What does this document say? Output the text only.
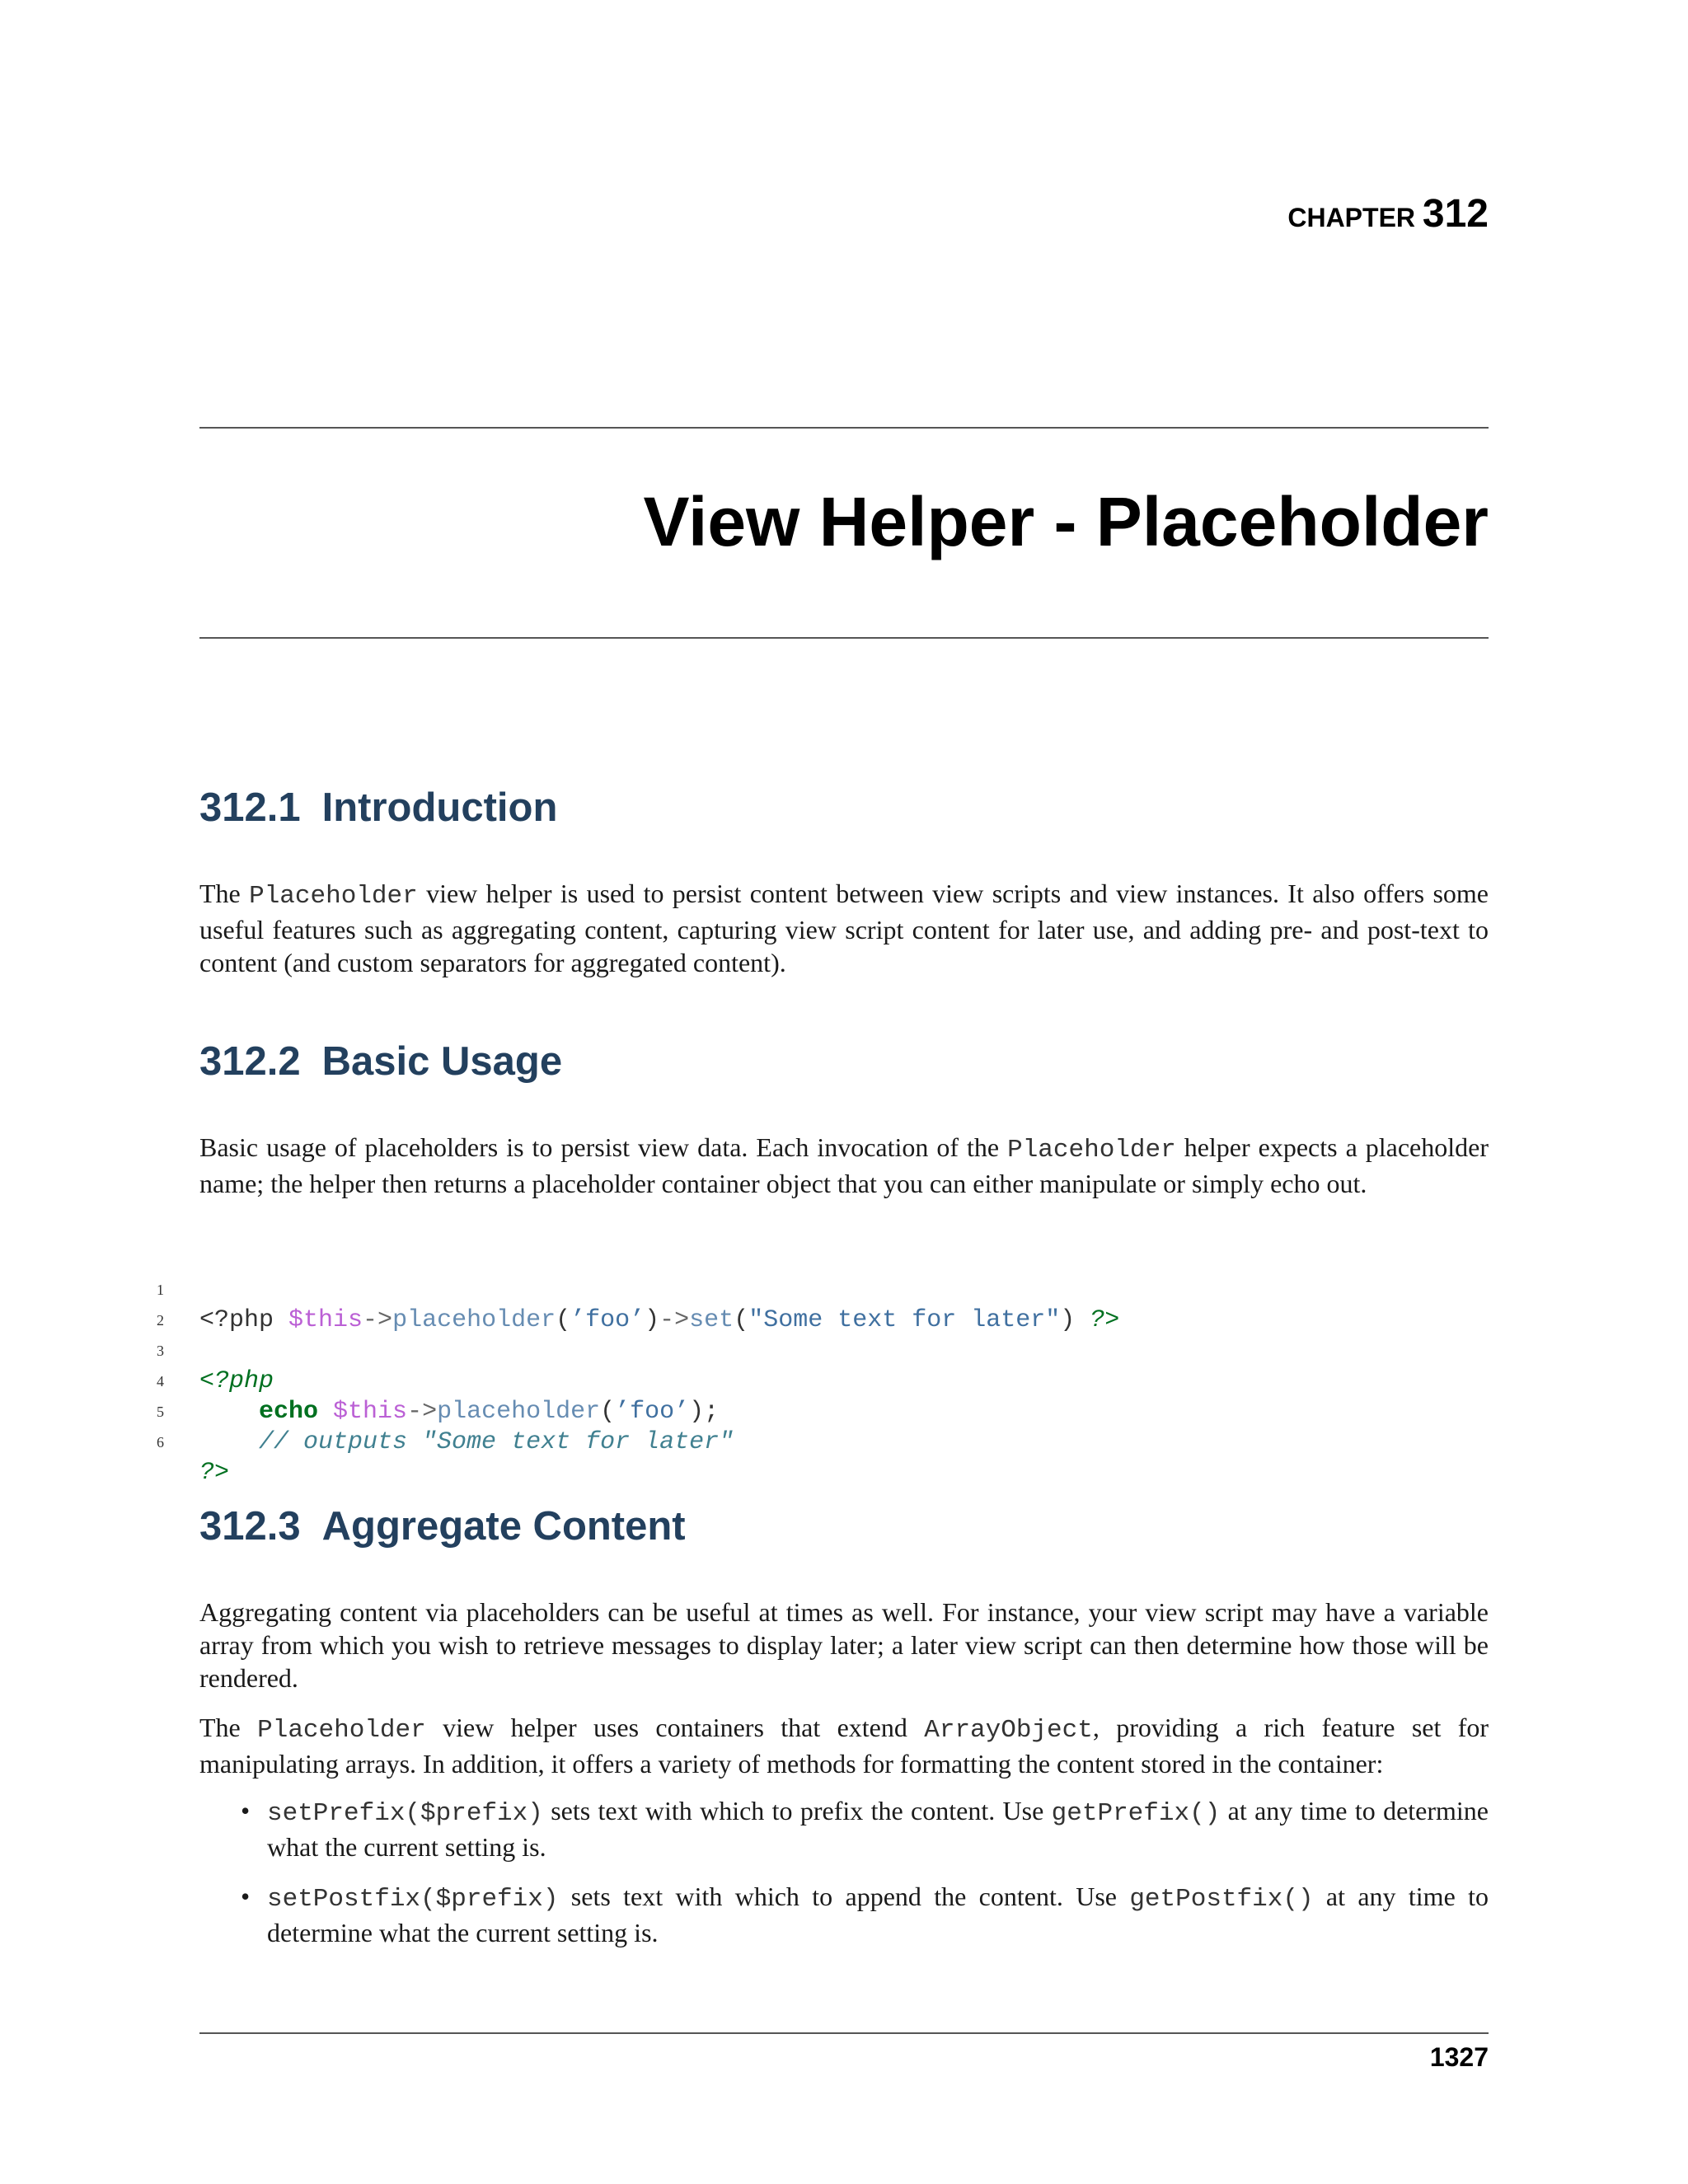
CHAPTER 312
View Helper - Placeholder
312.1 Introduction

The Placeholder view helper is used to persist content between view scripts and view instances. It also offers some useful features such as aggregating content, capturing view script content for later use, and adding pre- and post-text to content (and custom separators for aggregated content).

312.2 Basic Usage

Basic usage of placeholders is to persist view data. Each invocation of the Placeholder helper expects a placeholder name; the helper then returns a placeholder container object that you can either manipulate or simply echo out.

1

<?php $this->placeholder(’foo’)->set("Some text for later") ?>

2

3

<?php

4

echo $this->placeholder(’foo’);

5

// outputs "Some text for later"

6

?>

312.3 Aggregate Content

Aggregating content via placeholders can be useful at times as well. For instance, your view script may have a variable array from which you wish to retrieve messages to display later; a later view script can then determine how those will be rendered.

The Placeholder view helper uses containers that extend ArrayObject, providing a rich feature set for manipulating arrays. In addition, it offers a variety of methods for formatting the content stored in the container:

• setPrefix($prefix) sets text with which to prefix the content. Use getPrefix() at any time to determine what the current setting is.
• setPostfix($prefix) sets text with which to append the content. Use getPostfix() at any time to determine what the current setting is.
1327
